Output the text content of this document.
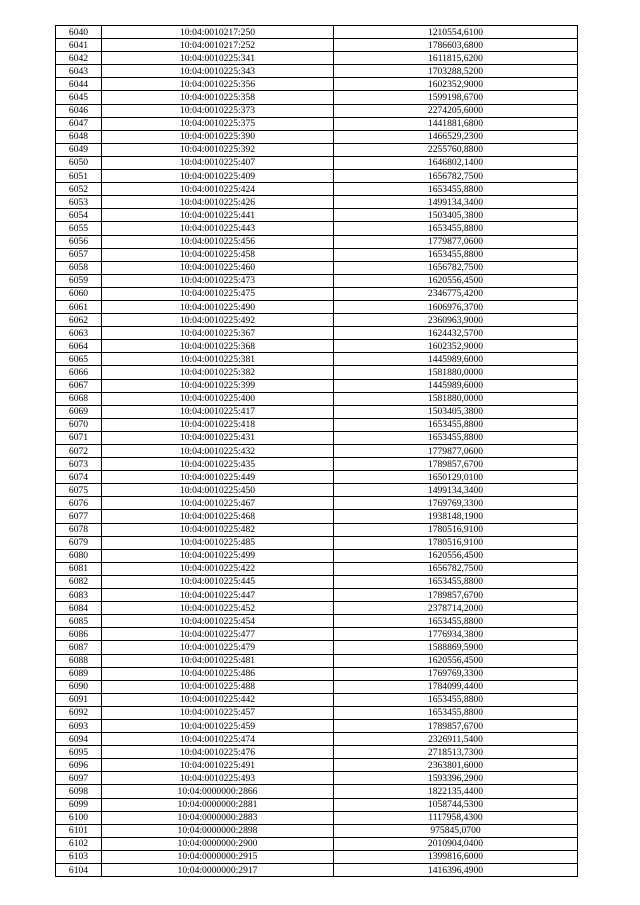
6040	10:04:0010217:250	1210554,6100
6041	10:04:0010217:252	1786603,6800
6042	10:04:0010225:341	1611815,6200
6043	10:04:0010225:343	1703288,5200
6044	10:04:0010225:356	1602352,9000
6045	10:04:0010225:358	1599198,6700
6046	10:04:0010225:373	2274205,6000
6047	10:04:0010225:375	1441881,6800
6048	10:04:0010225:390	1466529,2300
6049	10:04:0010225:392	2255760,8800
6050	10:04:0010225:407	1646802,1400
6051	10:04:0010225:409	1656782,7500
6052	10:04:0010225:424	1653455,8800
6053	10:04:0010225:426	1499134,3400
6054	10:04:0010225:441	1503405,3800
6055	10:04:0010225:443	1653455,8800
6056	10:04:0010225:456	1779877,0600
6057	10:04:0010225:458	1653455,8800
6058	10:04:0010225:460	1656782,7500
6059	10:04:0010225:473	1620556,4500
6060	10:04:0010225:475	2346775,4200
6061	10:04:0010225:490	1606976,3700
6062	10:04:0010225:492	2360963,9000
6063	10:04:0010225:367	1624432,5700
6064	10:04:0010225:368	1602352,9000
6065	10:04:0010225:381	1445989,6000
6066	10:04:0010225:382	1581880,0000
6067	10:04:0010225:399	1445989,6000
6068	10:04:0010225:400	1581880,0000
6069	10:04:0010225:417	1503405,3800
6070	10:04:0010225:418	1653455,8800
6071	10:04:0010225:431	1653455,8800
6072	10:04:0010225:432	1779877,0600
6073	10:04:0010225:435	1789857,6700
6074	10:04:0010225:449	1650129,0100
6075	10:04:0010225:450	1499134,3400
6076	10:04:0010225:467	1769769,3300
6077	10:04:0010225:468	1938148,1900
6078	10:04:0010225:482	1780516,9100
6079	10:04:0010225:485	1780516,9100
6080	10:04:0010225:499	1620556,4500
6081	10:04:0010225:422	1656782,7500
6082	10:04:0010225:445	1653455,8800
6083	10:04:0010225:447	1789857,6700
6084	10:04:0010225:452	2378714,2000
6085	10:04:0010225:454	1653455,8800
6086	10:04:0010225:477	1776934,3800
6087	10:04:0010225:479	1588869,5900
6088	10:04:0010225:481	1620556,4500
6089	10:04:0010225:486	1769769,3300
6090	10:04:0010225:488	1784099,4400
6091	10:04:0010225:442	1653455,8800
6092	10:04:0010225:457	1653455,8800
6093	10:04:0010225:459	1789857,6700
6094	10:04:0010225:474	2326911,5400
6095	10:04:0010225:476	2718513,7300
6096	10:04:0010225:491	2363801,6000
6097	10:04:0010225:493	1593396,2900
6098	10:04:0000000:2866	1822135,4400
6099	10:04:0000000:2881	1058744,5300
6100	10:04:0000000:2883	1117958,4300
6101	10:04:0000000:2898	975845,0700
6102	10:04:0000000:2900	2010904,0400
6103	10:04:0000000:2915	1399816,6000
6104	10:04:0000000:2917	1416396,4900
